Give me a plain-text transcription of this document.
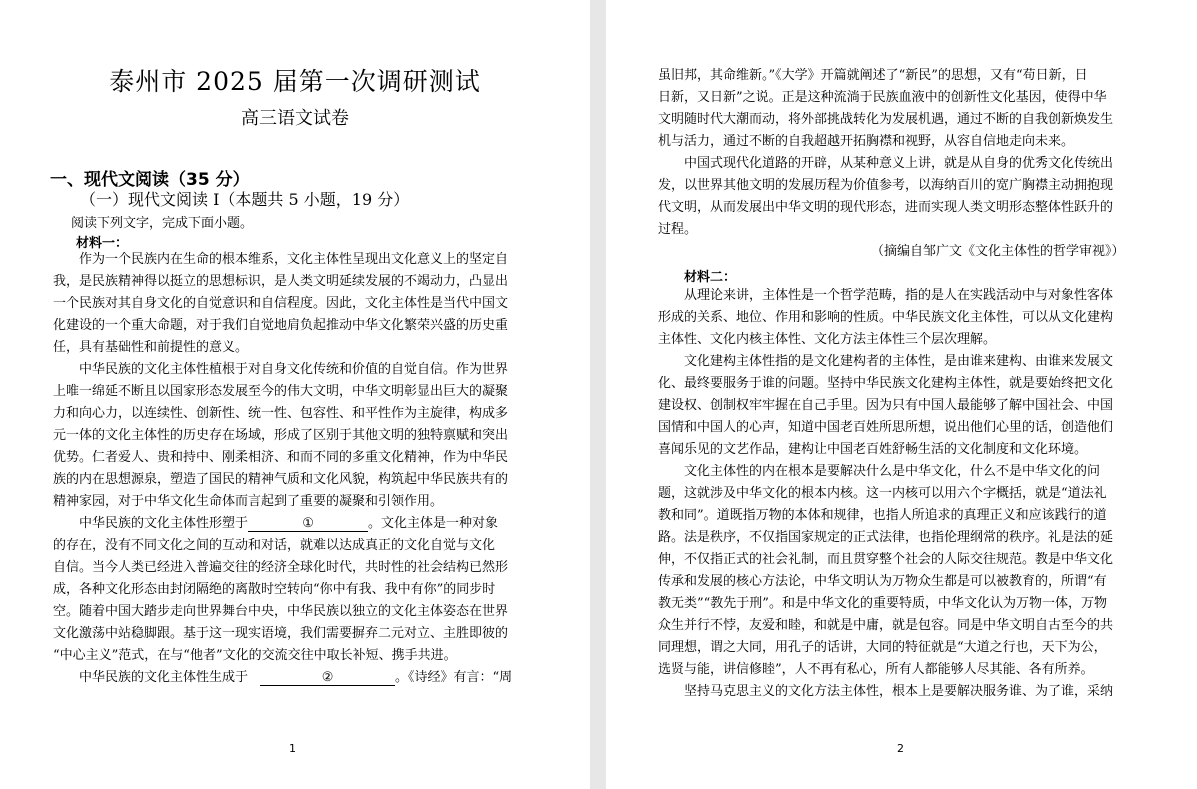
泰州市 2025 届第一次调研测试
高三语文试卷
一、现代文阅读（35 分）
（一）现代文阅读 I（本题共 5 小题，19 分）
阅读下列文字，完成下面小题。
材料一：
作为一个民族内在生命的根本维系，文化主体性呈现出文化意义上的坚定自
我，是民族精神得以挺立的思想标识，是人类文明延续发展的不竭动力，凸显出
一个民族对其自身文化的自觉意识和自信程度。因此，文化主体性是当代中国文
化建设的一个重大命题，对于我们自觉地肩负起推动中华文化繁荣兴盛的历史重
任，具有基础性和前提性的意义。
中华民族的文化主体性植根于对自身文化传统和价值的自觉自信。作为世界
上唯一绵延不断且以国家形态发展至今的伟大文明，中华文明彰显出巨大的凝聚
力和向心力，以连续性、创新性、统一性、包容性、和平性作为主旋律，构成多
元一体的文化主体性的历史存在场域，形成了区别于其他文明的独特禀赋和突出
优势。仁者爱人、贵和持中、刚柔相济、和而不同的多重文化精神，作为中华民
族的内在思想源泉，塑造了国民的精神气质和文化风貌，构筑起中华民族共有的
精神家园，对于中华文化生命体而言起到了重要的凝聚和引领作用。
中华民族的文化主体性形塑于	①	。文化主体是一种对象
的存在，没有不同文化之间的互动和对话，就难以达成真正的文化自觉与文化
自信。当今人类已经进入普遍交往的经济全球化时代，共时性的社会结构已然形
成，各种文化形态由封闭隔绝的离散时空转向“你中有我、我中有你”的同步时
空。随着中国大踏步走向世界舞台中央，中华民族以独立的文化主体姿态在世界
文化激荡中站稳脚跟。基于这一现实语境，我们需要摒弃二元对立、主胜即彼的
“中心主义”范式，在与“他者”文化的交流交往中取长补短、携手共进。
中华民族的文化主体性生成于	②	。《诗经》有言：“周
1
虽旧邦，其命维新。”《大学》开篇就阐述了“新民”的思想，又有“苟日新，日
日新，又日新”之说。正是这种流淌于民族血液中的创新性文化基因，使得中华
文明随时代大潮而动，将外部挑战转化为发展机遇，通过不断的自我创新焕发生
机与活力，通过不断的自我超越开拓胸襟和视野，从容自信地走向未来。
中国式现代化道路的开辟，从某种意义上讲，就是从自身的优秀文化传统出
发，以世界其他文明的发展历程为价值参考，以海纳百川的宽广胸襟主动拥抱现
代文明，从而发展出中华文明的现代形态，进而实现人类文明形态整体性跃升的
过程。
（摘编自邹广文《文化主体性的哲学审视》）
材料二：
从理论来讲，主体性是一个哲学范畴，指的是人在实践活动中与对象性客体
形成的关系、地位、作用和影响的性质。中华民族文化主体性，可以从文化建构
主体性、文化内核主体性、文化方法主体性三个层次理解。
文化建构主体性指的是文化建构者的主体性，是由谁来建构、由谁来发展文
化、最终要服务于谁的问题。坚持中华民族文化建构主体性，就是要始终把文化
建设权、创制权牢牢握在自己手里。因为只有中国人最能够了解中国社会、中国
国情和中国人的心声，知道中国老百姓所思所想，说出他们心里的话，创造他们
喜闻乐见的文艺作品，建构让中国老百姓舒畅生活的文化制度和文化环境。
文化主体性的内在根本是要解决什么是中华文化，什么不是中华文化的问
题，这就涉及中华文化的根本内核。这一内核可以用六个字概括，就是“道法礼
教和同”。道既指万物的本体和规律，也指人所追求的真理正义和应该践行的道
路。法是秩序，不仅指国家规定的正式法律，也指伦理纲常的秩序。礼是法的延
伸，不仅指正式的社会礼制，而且贯穿整个社会的人际交往规范。教是中华文化
传承和发展的核心方法论，中华文明认为万物众生都是可以被教育的，所谓“有
教无类”“教先于刑”。和是中华文化的重要特质，中华文化认为万物一体，万物
众生并行不悖，友爱和睦，和就是中庸，就是包容。同是中华文明自古至今的共
同理想，谓之大同，用孔子的话讲，大同的特征就是“大道之行也，天下为公，
选贤与能，讲信修睦”，人不再有私心，所有人都能够人尽其能、各有所养。
坚持马克思主义的文化方法主体性，根本上是要解决服务谁、为了谁，采纳
2
